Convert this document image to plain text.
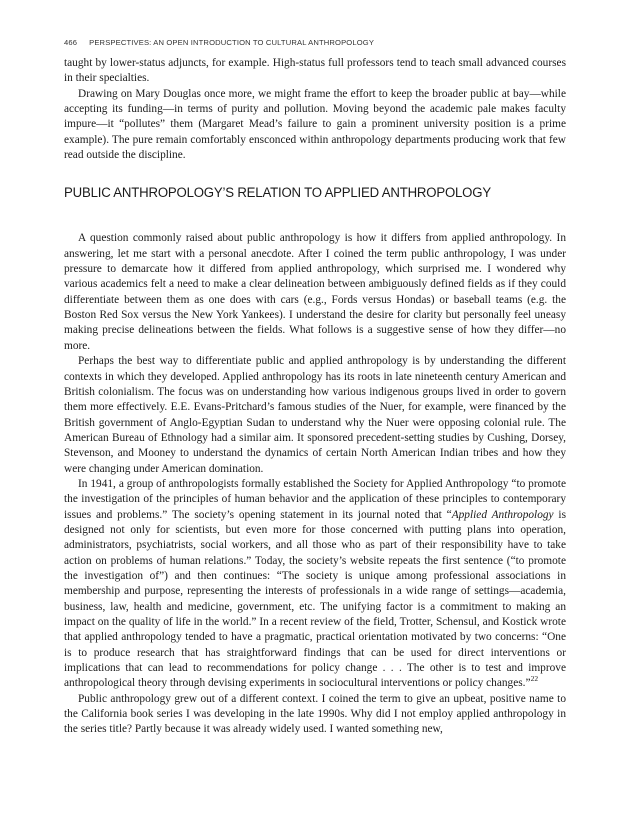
466 PERSPECTIVES: AN OPEN INTRODUCTION TO CULTURAL ANTHROPOLOGY

taught by lower-status adjuncts, for example. High-status full professors tend to teach small advanced courses in their specialties.

Drawing on Mary Douglas once more, we might frame the effort to keep the broader public at bay—while accepting its funding—in terms of purity and pollution. Moving beyond the academic pale makes faculty impure—it “pollutes” them (Margaret Mead’s failure to gain a prominent university position is a prime example). The pure remain comfortably ensconced within anthropology departments producing work that few read outside the discipline.

PUBLIC ANTHROPOLOGY’S RELATION TO APPLIED ANTHROPOLOGY

A question commonly raised about public anthropology is how it differs from applied anthropology. In answering, let me start with a personal anecdote. After I coined the term public anthropology, I was under pressure to demarcate how it differed from applied anthropology, which surprised me. I wondered why various academics felt a need to make a clear delineation between ambiguously defined fields as if they could differentiate between them as one does with cars (e.g., Fords versus Hondas) or baseball teams (e.g. the Boston Red Sox versus the New York Yankees). I understand the desire for clarity but personally feel uneasy making precise delineations between the fields. What follows is a suggestive sense of how they differ—no more.

Perhaps the best way to differentiate public and applied anthropology is by understanding the different contexts in which they developed. Applied anthropology has its roots in late nineteenth century American and British colonialism. The focus was on understanding how various indigenous groups lived in order to govern them more effectively. E.E. Evans-Pritchard’s famous studies of the Nuer, for example, were financed by the British government of Anglo-Egyptian Sudan to understand why the Nuer were opposing colonial rule. The American Bureau of Ethnology had a similar aim. It sponsored precedent-setting studies by Cushing, Dorsey, Stevenson, and Mooney to understand the dynamics of certain North American Indian tribes and how they were changing under American domination.

In 1941, a group of anthropologists formally established the Society for Applied Anthropology “to promote the investigation of the principles of human behavior and the application of these principles to contemporary issues and problems.” The society’s opening statement in its journal noted that “Applied Anthropology is designed not only for scientists, but even more for those concerned with putting plans into operation, administrators, psychiatrists, social workers, and all those who as part of their responsibility have to take action on problems of human relations.” Today, the society’s website repeats the first sentence (“to promote the investigation of”) and then continues: “The society is unique among professional associations in membership and purpose, representing the interests of professionals in a wide range of settings—academia, business, law, health and medicine, government, etc. The unifying factor is a commitment to making an impact on the quality of life in the world.” In a recent review of the field, Trotter, Schensul, and Kostick wrote that applied anthropology tended to have a pragmatic, practical orientation motivated by two concerns: “One is to produce research that has straightforward findings that can be used for direct interventions or implications that can lead to recommendations for policy change . . . The other is to test and improve anthropological theory through devising experiments in sociocultural interventions or policy changes.”$^{22}$

Public anthropology grew out of a different context. I coined the term to give an upbeat, positive name to the California book series I was developing in the late 1990s. Why did I not employ applied anthropology in the series title? Partly because it was already widely used. I wanted something new,
